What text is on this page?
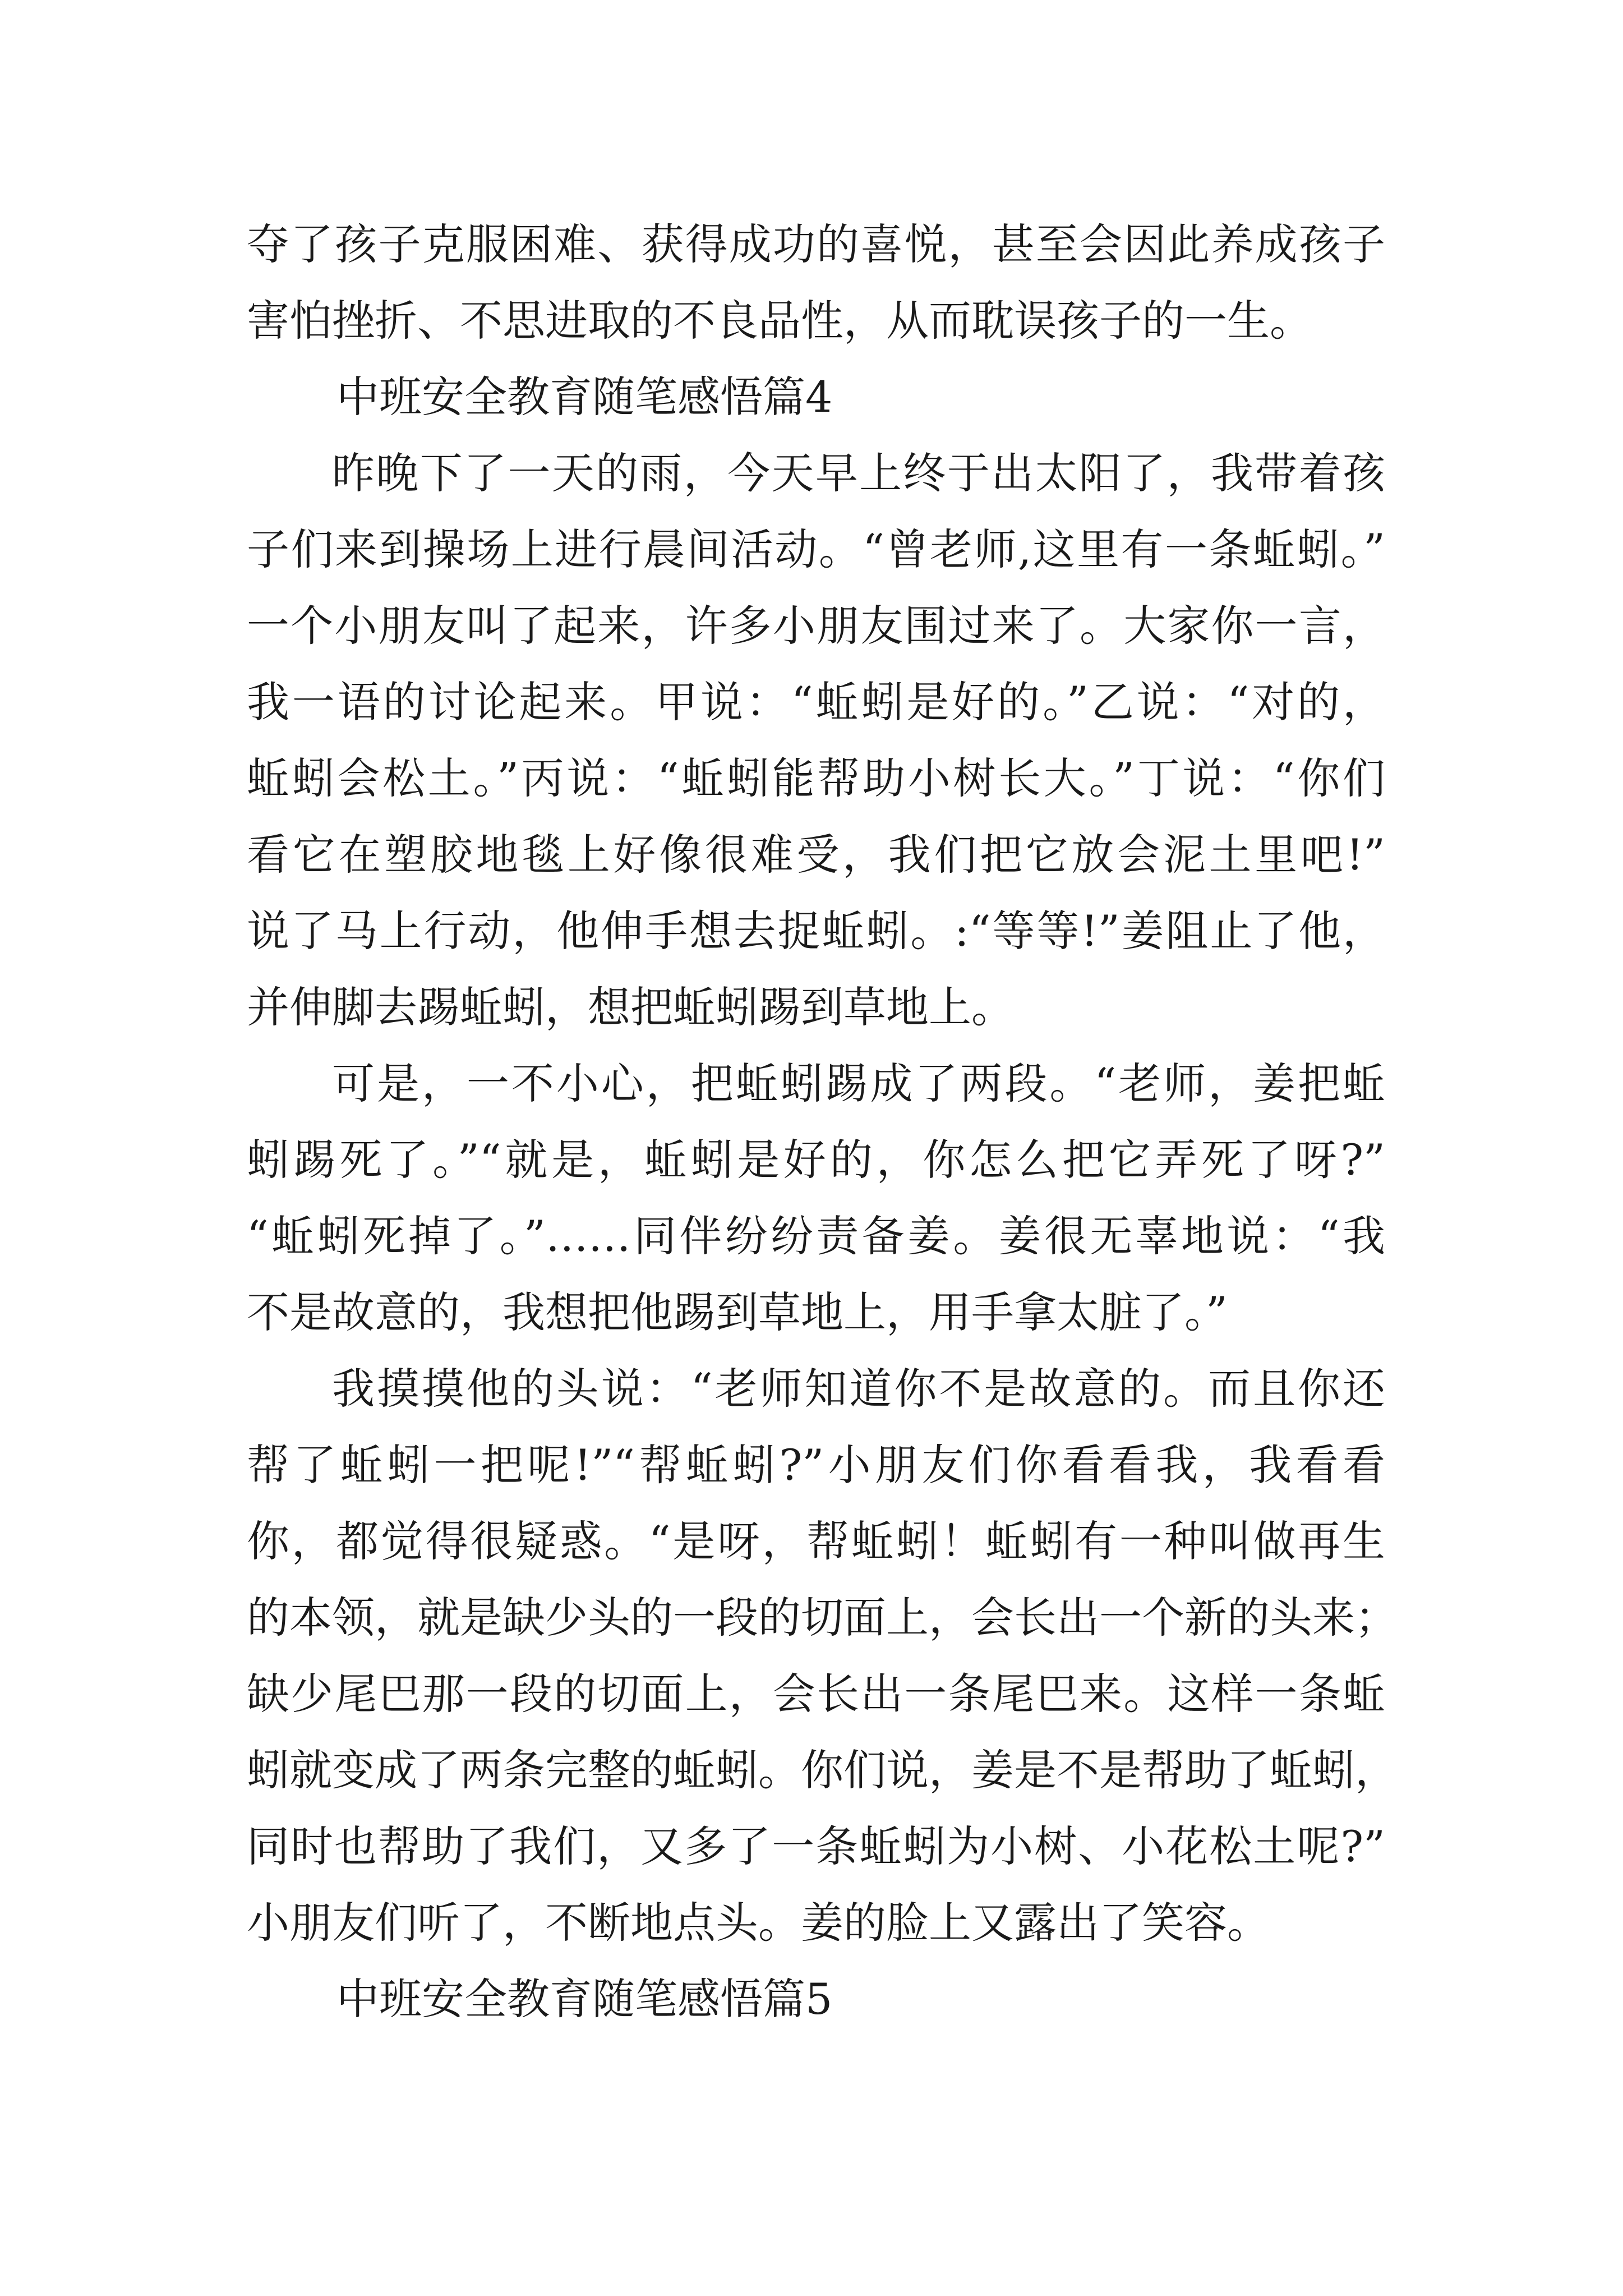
夺了孩子克服困难、获得成功的喜悦，甚至会因此养成孩子
害怕挫折、不思进取的不良品性，从而耽误孩子的一生。
中班安全教育随笔感悟篇4
昨晚下了一天的雨，今天早上终于出太阳了，我带着孩
子们来到操场上进行晨间活动。“曾老师,这里有一条蚯蚓。”
一个小朋友叫了起来，许多小朋友围过来了。大家你一言，
我一语的讨论起来。甲说：“蚯蚓是好的。”乙说：“对的，
蚯蚓会松土。”丙说：“蚯蚓能帮助小树长大。”丁说：“你们
看它在塑胶地毯上好像很难受，我们把它放会泥土里吧!”
说了马上行动，他伸手想去捉蚯蚓。:“等等!”姜阻止了他，
并伸脚去踢蚯蚓，想把蚯蚓踢到草地上。
可是，一不小心，把蚯蚓踢成了两段。“老师，姜把蚯
蚓踢死了。”“就是，蚯蚓是好的，你怎么把它弄死了呀?”
“蚯蚓死掉了。”……同伴纷纷责备姜。姜很无辜地说：“我
不是故意的，我想把他踢到草地上，用手拿太脏了。”
我摸摸他的头说：“老师知道你不是故意的。而且你还
帮了蚯蚓一把呢!”“帮蚯蚓?”小朋友们你看看我，我看看
你，都觉得很疑惑。“是呀，帮蚯蚓！蚯蚓有一种叫做再生
的本领，就是缺少头的一段的切面上，会长出一个新的头来；
缺少尾巴那一段的切面上，会长出一条尾巴来。这样一条蚯
蚓就变成了两条完整的蚯蚓。你们说，姜是不是帮助了蚯蚓，
同时也帮助了我们，又多了一条蚯蚓为小树、小花松土呢?”
小朋友们听了，不断地点头。姜的脸上又露出了笑容。
中班安全教育随笔感悟篇5
